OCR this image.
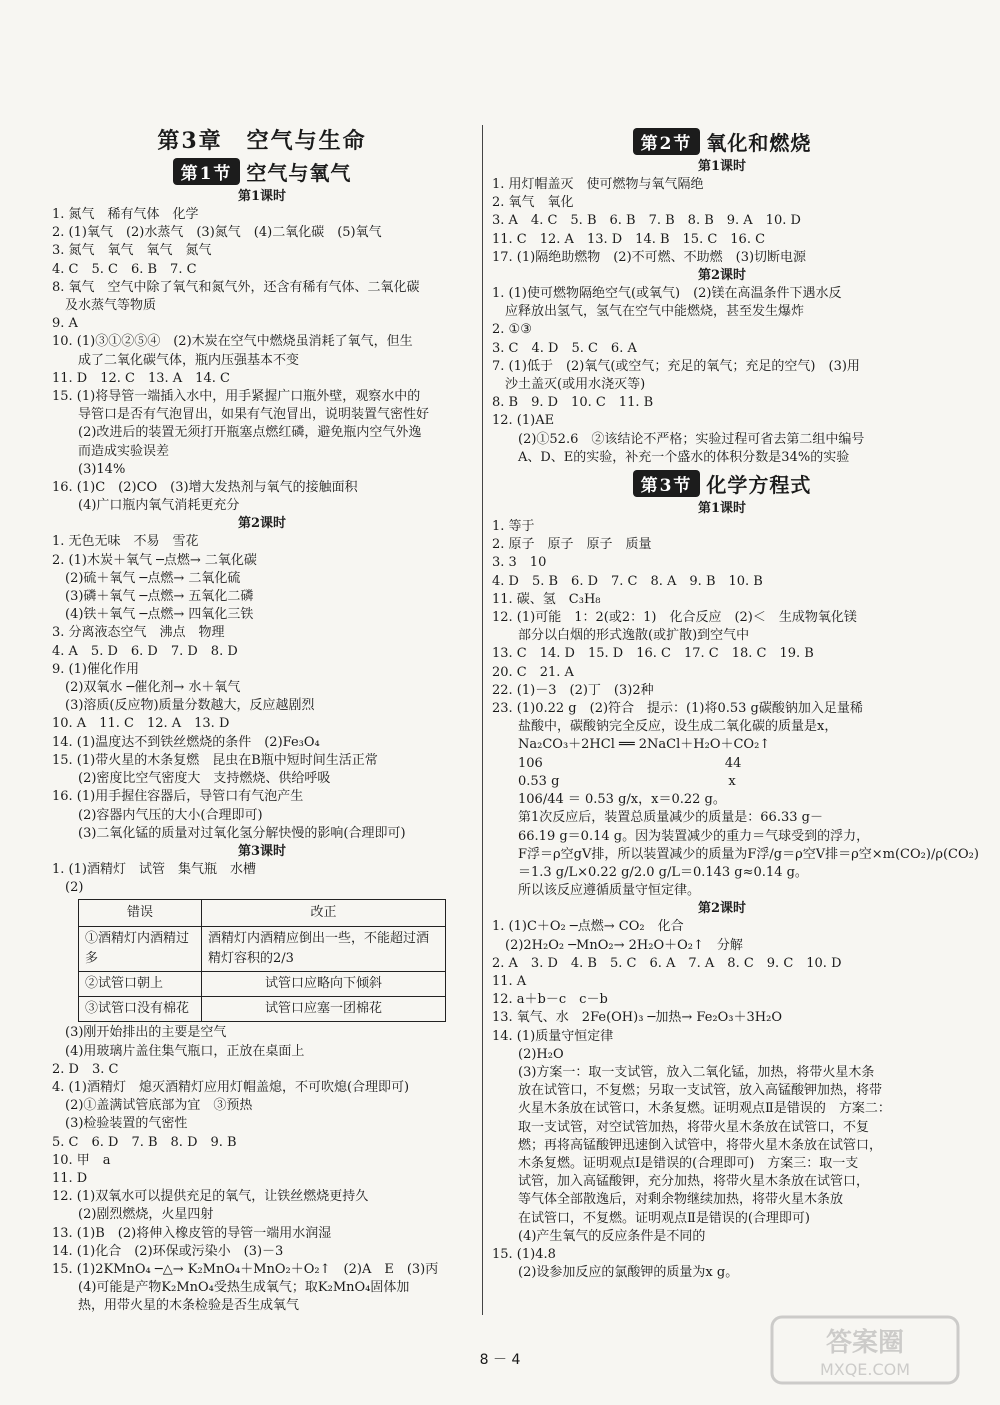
第3章　空气与生命
第1节 空气与氧气
第1课时
1. 氮气　稀有气体　化学
2. (1)氧气　(2)水蒸气　(3)氮气　(4)二氧化碳　(5)氧气
3. 氮气　氧气　氧气　氮气
4. C　5. C　6. B　7. C
8. 氧气　空气中除了氧气和氮气外，还含有稀有气体、二氧化碳
　及水蒸气等物质
9. A
10. (1)③①②⑤④　(2)木炭在空气中燃烧虽消耗了氧气，但生
　　成了二氧化碳气体，瓶内压强基本不变
11. D　12. C　13. A　14. C
15. (1)将导管一端插入水中，用手紧握广口瓶外壁，观察水中的
　　导管口是否有气泡冒出，如果有气泡冒出，说明装置气密性好
　　(2)改进后的装置无须打开瓶塞点燃红磷，避免瓶内空气外逸
　　而造成实验误差
　　(3)14%
16. (1)C　(2)CO　(3)增大发热剂与氧气的接触面积
　　(4)广口瓶内氧气消耗更充分
第2课时
1. 无色无味　不易　雪花
2. (1)木炭＋氧气 ─点燃→ 二氧化碳
　(2)硫＋氧气 ─点燃→ 二氧化硫
　(3)磷＋氧气 ─点燃→ 五氧化二磷
　(4)铁＋氧气 ─点燃→ 四氧化三铁
3. 分离液态空气　沸点　物理
4. A　5. D　6. D　7. D　8. D
9. (1)催化作用
　(2)双氧水 ─催化剂→ 水＋氧气
　(3)溶质(反应物)质量分数越大，反应越剧烈
10. A　11. C　12. A　13. D
14. (1)温度达不到铁丝燃烧的条件　(2)Fe₃O₄
15. (1)带火星的木条复燃　昆虫在B瓶中短时间生活正常
　　(2)密度比空气密度大　支持燃烧、供给呼吸
16. (1)用手握住容器后，导管口有气泡产生
　　(2)容器内气压的大小(合理即可)
　　(3)二氧化锰的质量对过氧化氢分解快慢的影响(合理即可)
第3课时
1. (1)酒精灯　试管　集气瓶　水槽
　(2)
错误	改正
①酒精灯内酒精过多	酒精灯内酒精应倒出一些，不能超过酒精灯容积的2/3
②试管口朝上	试管口应略向下倾斜
③试管口没有棉花	试管口应塞一团棉花
　(3)刚开始排出的主要是空气
　(4)用玻璃片盖住集气瓶口，正放在桌面上
2. D　3. C
4. (1)酒精灯　熄灭酒精灯应用灯帽盖熄，不可吹熄(合理即可)
　(2)①盖满试管底部为宜　③预热
　(3)检验装置的气密性
5. C　6. D　7. B　8. D　9. B
10. 甲　a
11. D
12. (1)双氧水可以提供充足的氧气，让铁丝燃烧更持久
　　(2)剧烈燃烧，火星四射
13. (1)B　(2)将伸入橡皮管的导管一端用水润湿
14. (1)化合　(2)环保或污染小　(3)－3
15. (1)2KMnO₄ ─△→ K₂MnO₄＋MnO₂＋O₂↑　(2)A　E　(3)丙
　　(4)可能是产物K₂MnO₄受热生成氧气；取K₂MnO₄固体加
　　热，用带火星的木条检验是否生成氧气
第2节 氧化和燃烧
第1课时
1. 用灯帽盖灭　使可燃物与氧气隔绝
2. 氧气　氧化
3. A　4. C　5. B　6. B　7. B　8. B　9. A　10. D
11. C　12. A　13. D　14. B　15. C　16. C
17. (1)隔绝助燃物　(2)不可燃、不助燃　(3)切断电源
第2课时
1. (1)使可燃物隔绝空气(或氧气)　(2)镁在高温条件下遇水反
　应释放出氢气，氢气在空气中能燃烧，甚至发生爆炸
2. ①③
3. C　4. D　5. C　6. A
7. (1)低于　(2)氧气(或空气；充足的氧气；充足的空气)　(3)用
　沙土盖灭(或用水浇灭等)
8. B　9. D　10. C　11. B
12. (1)AE
　　(2)①52.6　②该结论不严格；实验过程可省去第二组中编号
　　A、D、E的实验，补充一个盛水的体积分数是34%的实验
第3节 化学方程式
第1课时
1. 等于
2. 原子　原子　原子　质量
3. 3　10
4. D　5. B　6. D　7. C　8. A　9. B　10. B
11. 碳、氢　C₃H₈
12. (1)可能　1：2(或2：1)　化合反应　(2)＜　生成物氧化镁
　　部分以白烟的形式逸散(或扩散)到空气中
13. C　14. D　15. D　16. C　17. C　18. C　19. B
20. C　21. A
22. (1)－3　(2)丁　(3)2种
23. (1)0.22 g　(2)符合　提示：(1)将0.53 g碳酸钠加入足量稀
　　盐酸中，碳酸钠完全反应，设生成二氧化碳的质量是x，
　　Na₂CO₃＋2HCl ══ 2NaCl＋H₂O＋CO₂↑
　　106　　　　　　　　　　　　　　44
　　0.53 g　　　　　　　　　　　　　x
　　106/44 ＝ 0.53 g/x，x＝0.22 g。
　　第1次反应后，装置总质量减少的质量是：66.33 g－
　　66.19 g＝0.14 g。因为装置减少的重力＝气球受到的浮力，
　　F浮＝ρ空gV排，所以装置减少的质量为F浮/g＝ρ空V排＝ρ空×m(CO₂)/ρ(CO₂)
　　＝1.3 g/L×0.22 g/2.0 g/L＝0.143 g≈0.14 g。
　　所以该反应遵循质量守恒定律。
第2课时
1. (1)C＋O₂ ─点燃→ CO₂　化合
　(2)2H₂O₂ ─MnO₂→ 2H₂O＋O₂↑　分解
2. A　3. D　4. B　5. C　6. A　7. A　8. C　9. C　10. D
11. A
12. a＋b－c　c－b
13. 氧气、水　2Fe(OH)₃ ─加热→ Fe₂O₃＋3H₂O
14. (1)质量守恒定律
　　(2)H₂O
　　(3)方案一：取一支试管，放入二氧化锰，加热，将带火星木条
　　放在试管口，不复燃；另取一支试管，放入高锰酸钾加热，将带
　　火星木条放在试管口，木条复燃。证明观点Ⅱ是错误的　方案二：
　　取一支试管，对空试管加热，将带火星木条放在试管口，不复
　　燃；再将高锰酸钾迅速倒入试管中，将带火星木条放在试管口，
　　木条复燃。证明观点Ⅰ是错误的(合理即可)　方案三：取一支
　　试管，加入高锰酸钾，充分加热，将带火星木条放在试管口，
　　等气体全部散逸后，对剩余物继续加热，将带火星木条放
　　在试管口，不复燃。证明观点Ⅱ是错误的(合理即可)
　　(4)产生氧气的反应条件是不同的
15. (1)4.8
　　(2)设参加反应的氯酸钾的质量为x g。
8 － 4
答案圈
MXQE.COM
